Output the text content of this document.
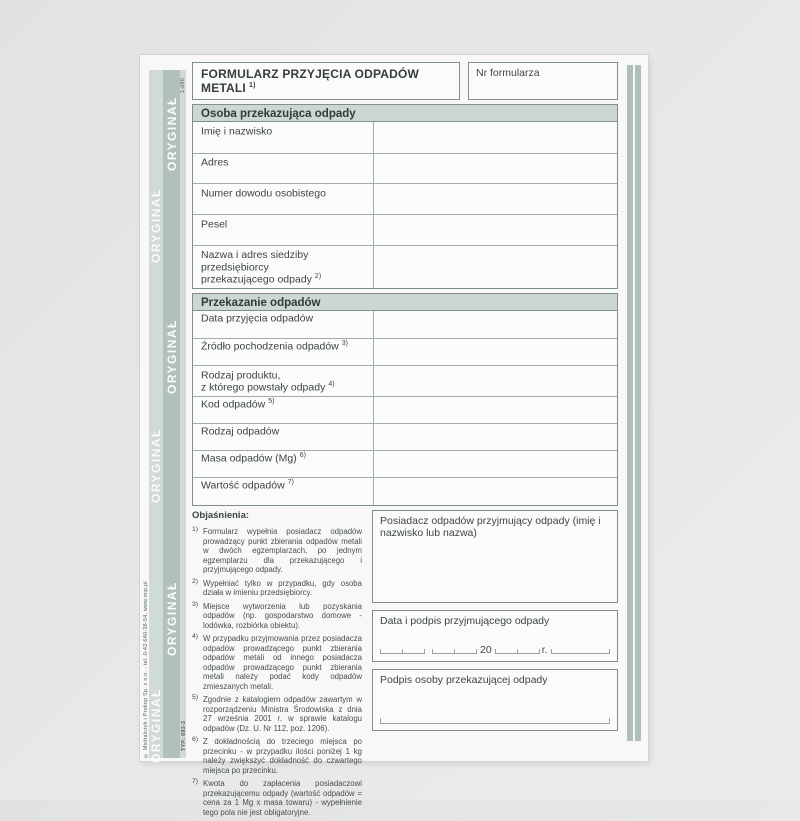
ORYGINAŁ
ORYGINAŁ
ORYGINAŁ
ORYGINAŁ
ORYGINAŁ
ORYGINAŁ
1-d90
© Michalczyk i Prokop Sp. z o.o. - tel. 0-42-640-38-54, www.mip.pl	TYP: 893-3
FORMULARZ PRZYJĘCIA ODPADÓW METALI $^{1)}$
Nr formularza
Osoba przekazująca odpady
Imię i nazwisko
Adres
Numer dowodu osobistego
Pesel
Nazwa i adres siedziby przedsiębiorcy
przekazującego odpady $^{2)}$
Przekazanie odpadów
Data przyjęcia odpadów
Źródło pochodzenia odpadów $^{3)}$
Rodzaj produktu,
z którego powstały odpady $^{4)}$
Kod odpadów $^{5)}$
Rodzaj odpadów
Masa odpadów (Mg) $^{6)}$
Wartość odpadów $^{7)}$
Objaśnienia:
1) Formularz wypełnia posiadacz odpadów prowadzący punkt zbierania odpadów metali w dwóch egzemplarzach, po jednym egzemplarzu dla przekazującego i przyjmującego odpady.
2) Wypełniać tylko w przypadku, gdy osoba działa w imieniu przedsiębiorcy.
3) Miejsce wytworzenia lub pozyskania odpadów (np. gospodarstwo domowe - lodówka, rozbiórka obiektu).
4) W przypadku przyjmowania przez posiadacza odpadów prowadzącego punkt zbierania odpadów metali od innego posiadacza odpadów prowadzącego punkt zbierania metali należy podać kody odpadów zmieszanych metali.
5) Zgodnie z katalogiem odpadów zawartym w rozporządzeniu Ministra Środowiska z dnia 27 września 2001 r. w sprawie katalogu odpadów (Dz. U. Nr 112, poz. 1206).
6) Z dokładnością do trzeciego miejsca po przecinku - w przypadku ilości poniżej 1 kg należy zwiększyć dokładność do czwartego miejsca po przecinku.
7) Kwota do zapłacenia posiadaczowi przekazującemu odpady (wartość odpadów = cena za 1 Mg x masa towaru) - wypełnienie tego pola nie jest obligatoryjne.
Posiadacz odpadów przyjmujący odpady (imię i nazwisko lub nazwa)
Data i podpis przyjmującego odpady
20	r.
Podpis osoby przekazującej odpady
